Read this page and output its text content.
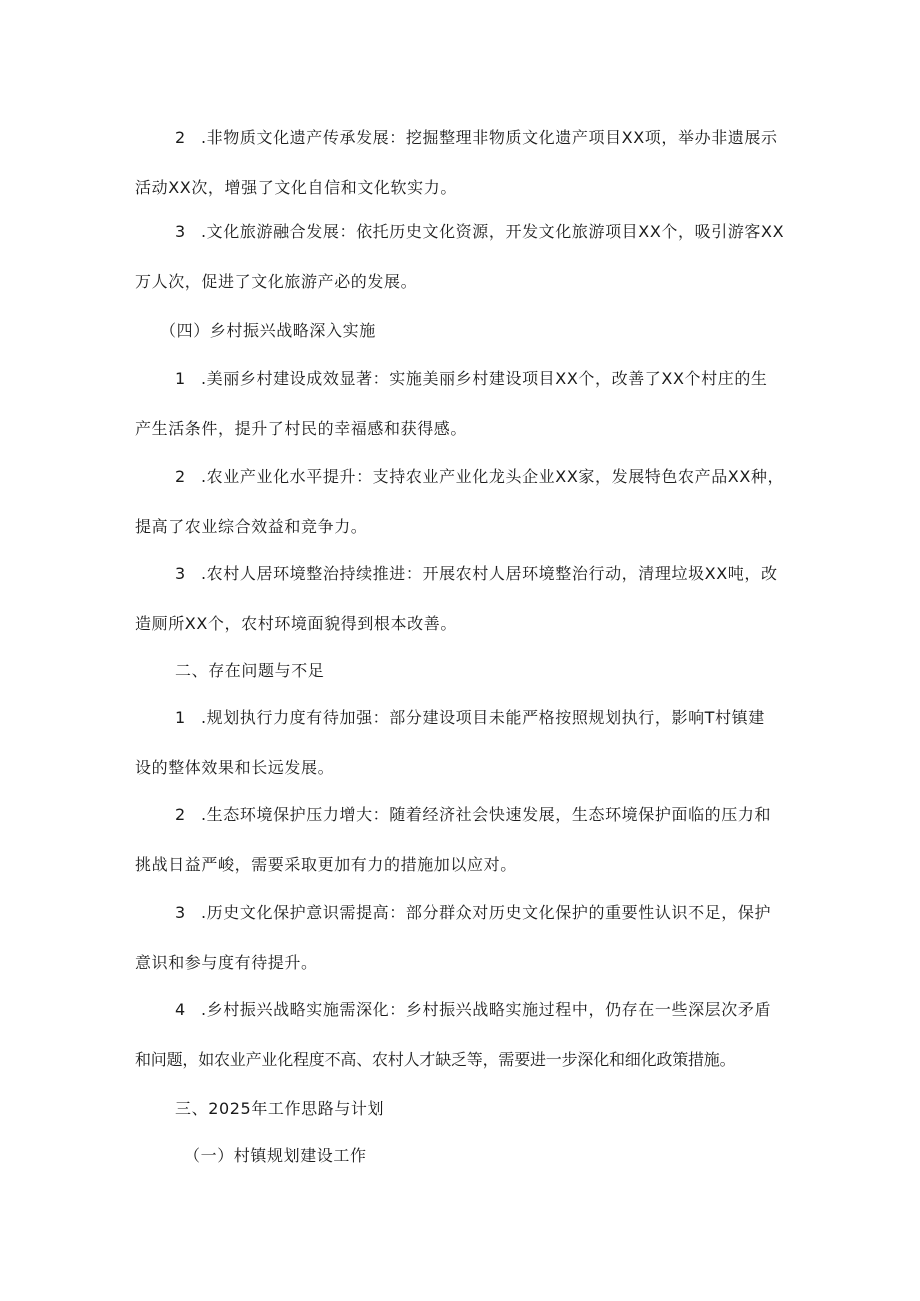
2 .非物质文化遗产传承发展：挖掘整理非物质文化遗产项目XX项，举办非遗展示
活动XX次，增强了文化自信和文化软实力。
3 .文化旅游融合发展：依托历史文化资源，开发文化旅游项目XX个，吸引游客XX
万人次，促进了文化旅游产必的发展。
（四）乡村振兴战略深入实施
1 .美丽乡村建设成效显著：实施美丽乡村建设项目XX个，改善了XX个村庄的生
产生活条件，提升了村民的幸福感和获得感。
2 .农业产业化水平提升：支持农业产业化龙头企业XX家，发展特色农产品XX种，
提高了农业综合效益和竞争力。
3 .农村人居环境整治持续推进：开展农村人居环境整治行动，清理垃圾XX吨，改
造厕所XX个，农村环境面貌得到根本改善。
二、存在问题与不足
1 .规划执行力度有待加强：部分建设项目未能严格按照规划执行，影响T村镇建
设的整体效果和长远发展。
2 .生态环境保护压力增大：随着经济社会快速发展，生态环境保护面临的压力和
挑战日益严峻，需要采取更加有力的措施加以应对。
3 .历史文化保护意识需提高：部分群众对历史文化保护的重要性认识不足，保护
意识和参与度有待提升。
4 .乡村振兴战略实施需深化：乡村振兴战略实施过程中，仍存在一些深层次矛盾
和问题，如农业产业化程度不高、农村人才缺乏等，需要进一步深化和细化政策措施。
三、2025年工作思路与计划
（一）村镇规划建设工作
